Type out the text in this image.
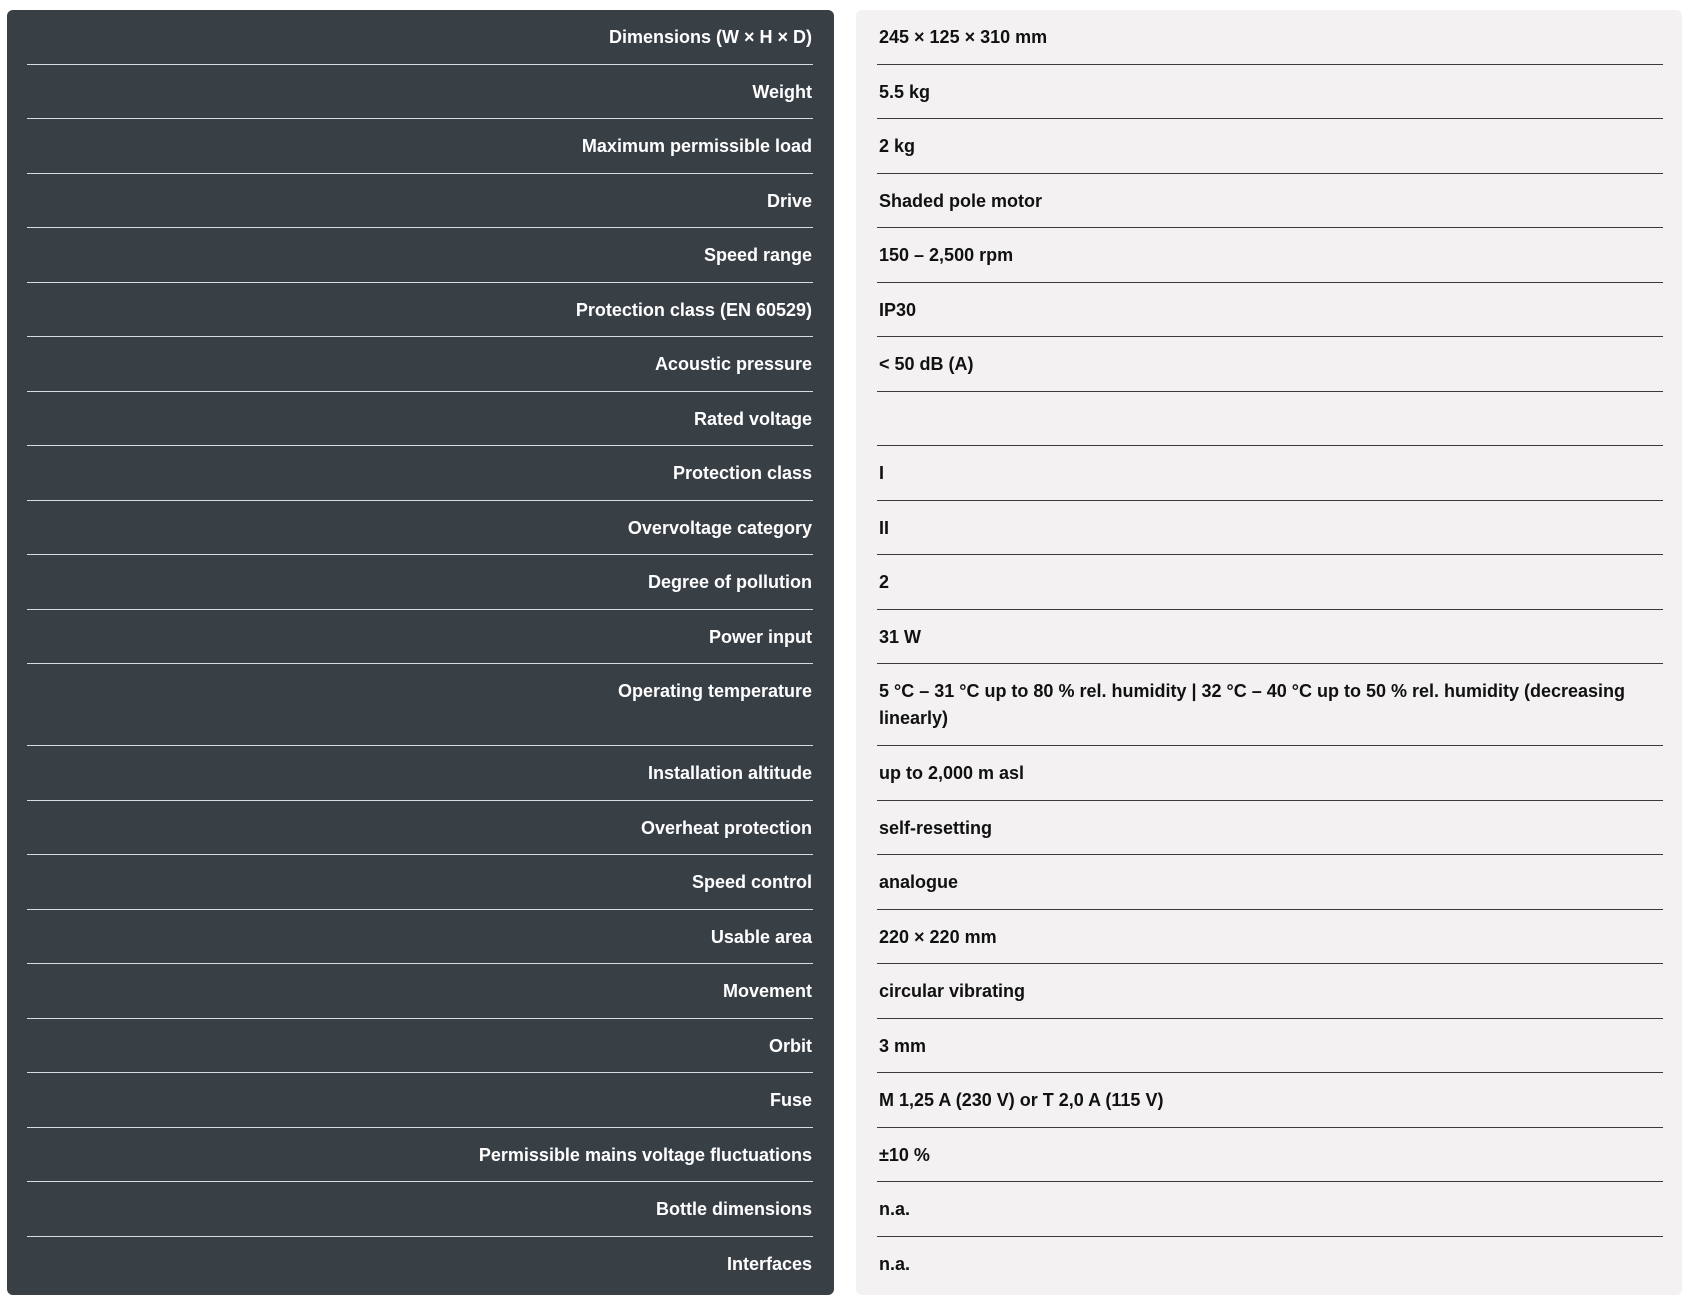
Dimensions (W × H × D)
Weight
Maximum permissible load
Drive
Speed range
Protection class (EN 60529)
Acoustic pressure
Rated voltage
Protection class
Overvoltage category
Degree of pollution
Power input
Operating temperature
Installation altitude
Overheat protection
Speed control
Usable area
Movement
Orbit
Fuse
Permissible mains voltage fluctuations
Bottle dimensions
Interfaces
245 × 125 × 310 mm
5.5 kg
2 kg
Shaded pole motor
150 – 2,500 rpm
IP30
< 50 dB (A)
I
II
2
31 W
5 °C – 31 °C up to 80 % rel. humidity | 32 °C – 40 °C up to 50 % rel. humidity (decreasing linearly)
up to 2,000 m asl
self-resetting
analogue
220 × 220 mm
circular vibrating
3 mm
M 1,25 A (230 V) or T 2,0 A (115 V)
±10 %
n.a.
n.a.
